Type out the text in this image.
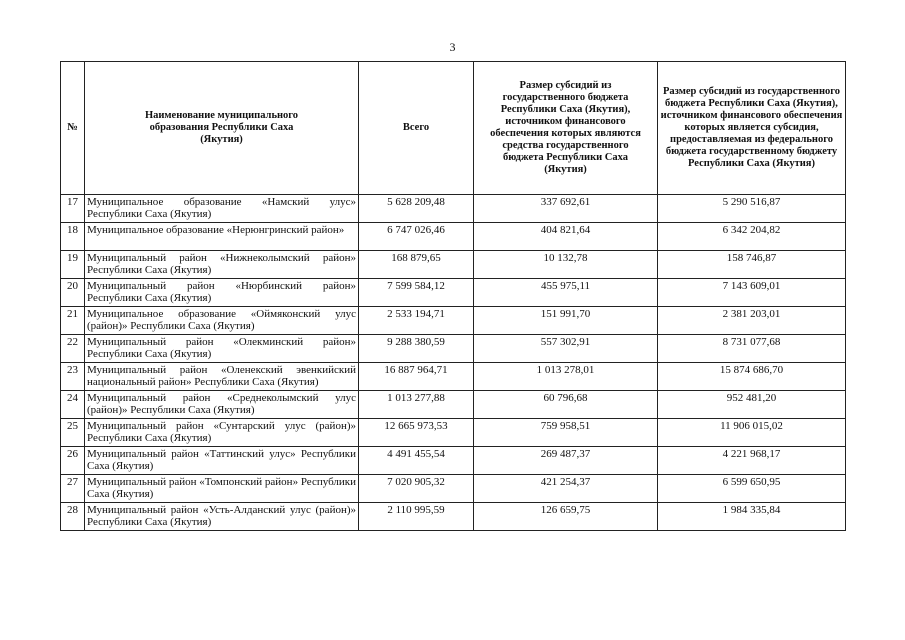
3
№	Наименование муниципального образования Республики Саха (Якутия)	Всего	Размер субсидий из государственного бюджета Республики Саха (Якутия), источником финансового обеспечения которых являются средства государственного бюджета Республики Саха (Якутия)	Размер субсидий из государственного бюджета Республики Саха (Якутия), источником финансового обеспечения которых является субсидия, предоставляемая из федерального бюджета государственному бюджету Республики Саха (Якутия)
17	Муниципальное образование «Намский улус» Республики Саха (Якутия)	5 628 209,48	337 692,61	5 290 516,87
18	Муниципальное образование «Нерюнгринский район»	6 747 026,46	404 821,64	6 342 204,82
19	Муниципальный район «Нижнеколымский район» Республики Саха (Якутия)	168 879,65	10 132,78	158 746,87
20	Муниципальный район «Нюрбинский район» Республики Саха (Якутия)	7 599 584,12	455 975,11	7 143 609,01
21	Муниципальное образование «Оймяконский улус (район)» Республики Саха (Якутия)	2 533 194,71	151 991,70	2 381 203,01
22	Муниципальный район «Олекминский район» Республики Саха (Якутия)	9 288 380,59	557 302,91	8 731 077,68
23	Муниципальный район «Оленекский эвенкийский национальный район» Республики Саха (Якутия)	16 887 964,71	1 013 278,01	15 874 686,70
24	Муниципальный район «Среднеколымский улус (район)» Республики Саха (Якутия)	1 013 277,88	60 796,68	952 481,20
25	Муниципальный район «Сунтарский улус (район)» Республики Саха (Якутия)	12 665 973,53	759 958,51	11 906 015,02
26	Муниципальный район «Таттинский улус» Республики Саха (Якутия)	4 491 455,54	269 487,37	4 221 968,17
27	Муниципальный район «Томпонский район» Республики Саха (Якутия)	7 020 905,32	421 254,37	6 599 650,95
28	Муниципальный район «Усть-Алданский улус (район)» Республики Саха (Якутия)	2 110 995,59	126 659,75	1 984 335,84
